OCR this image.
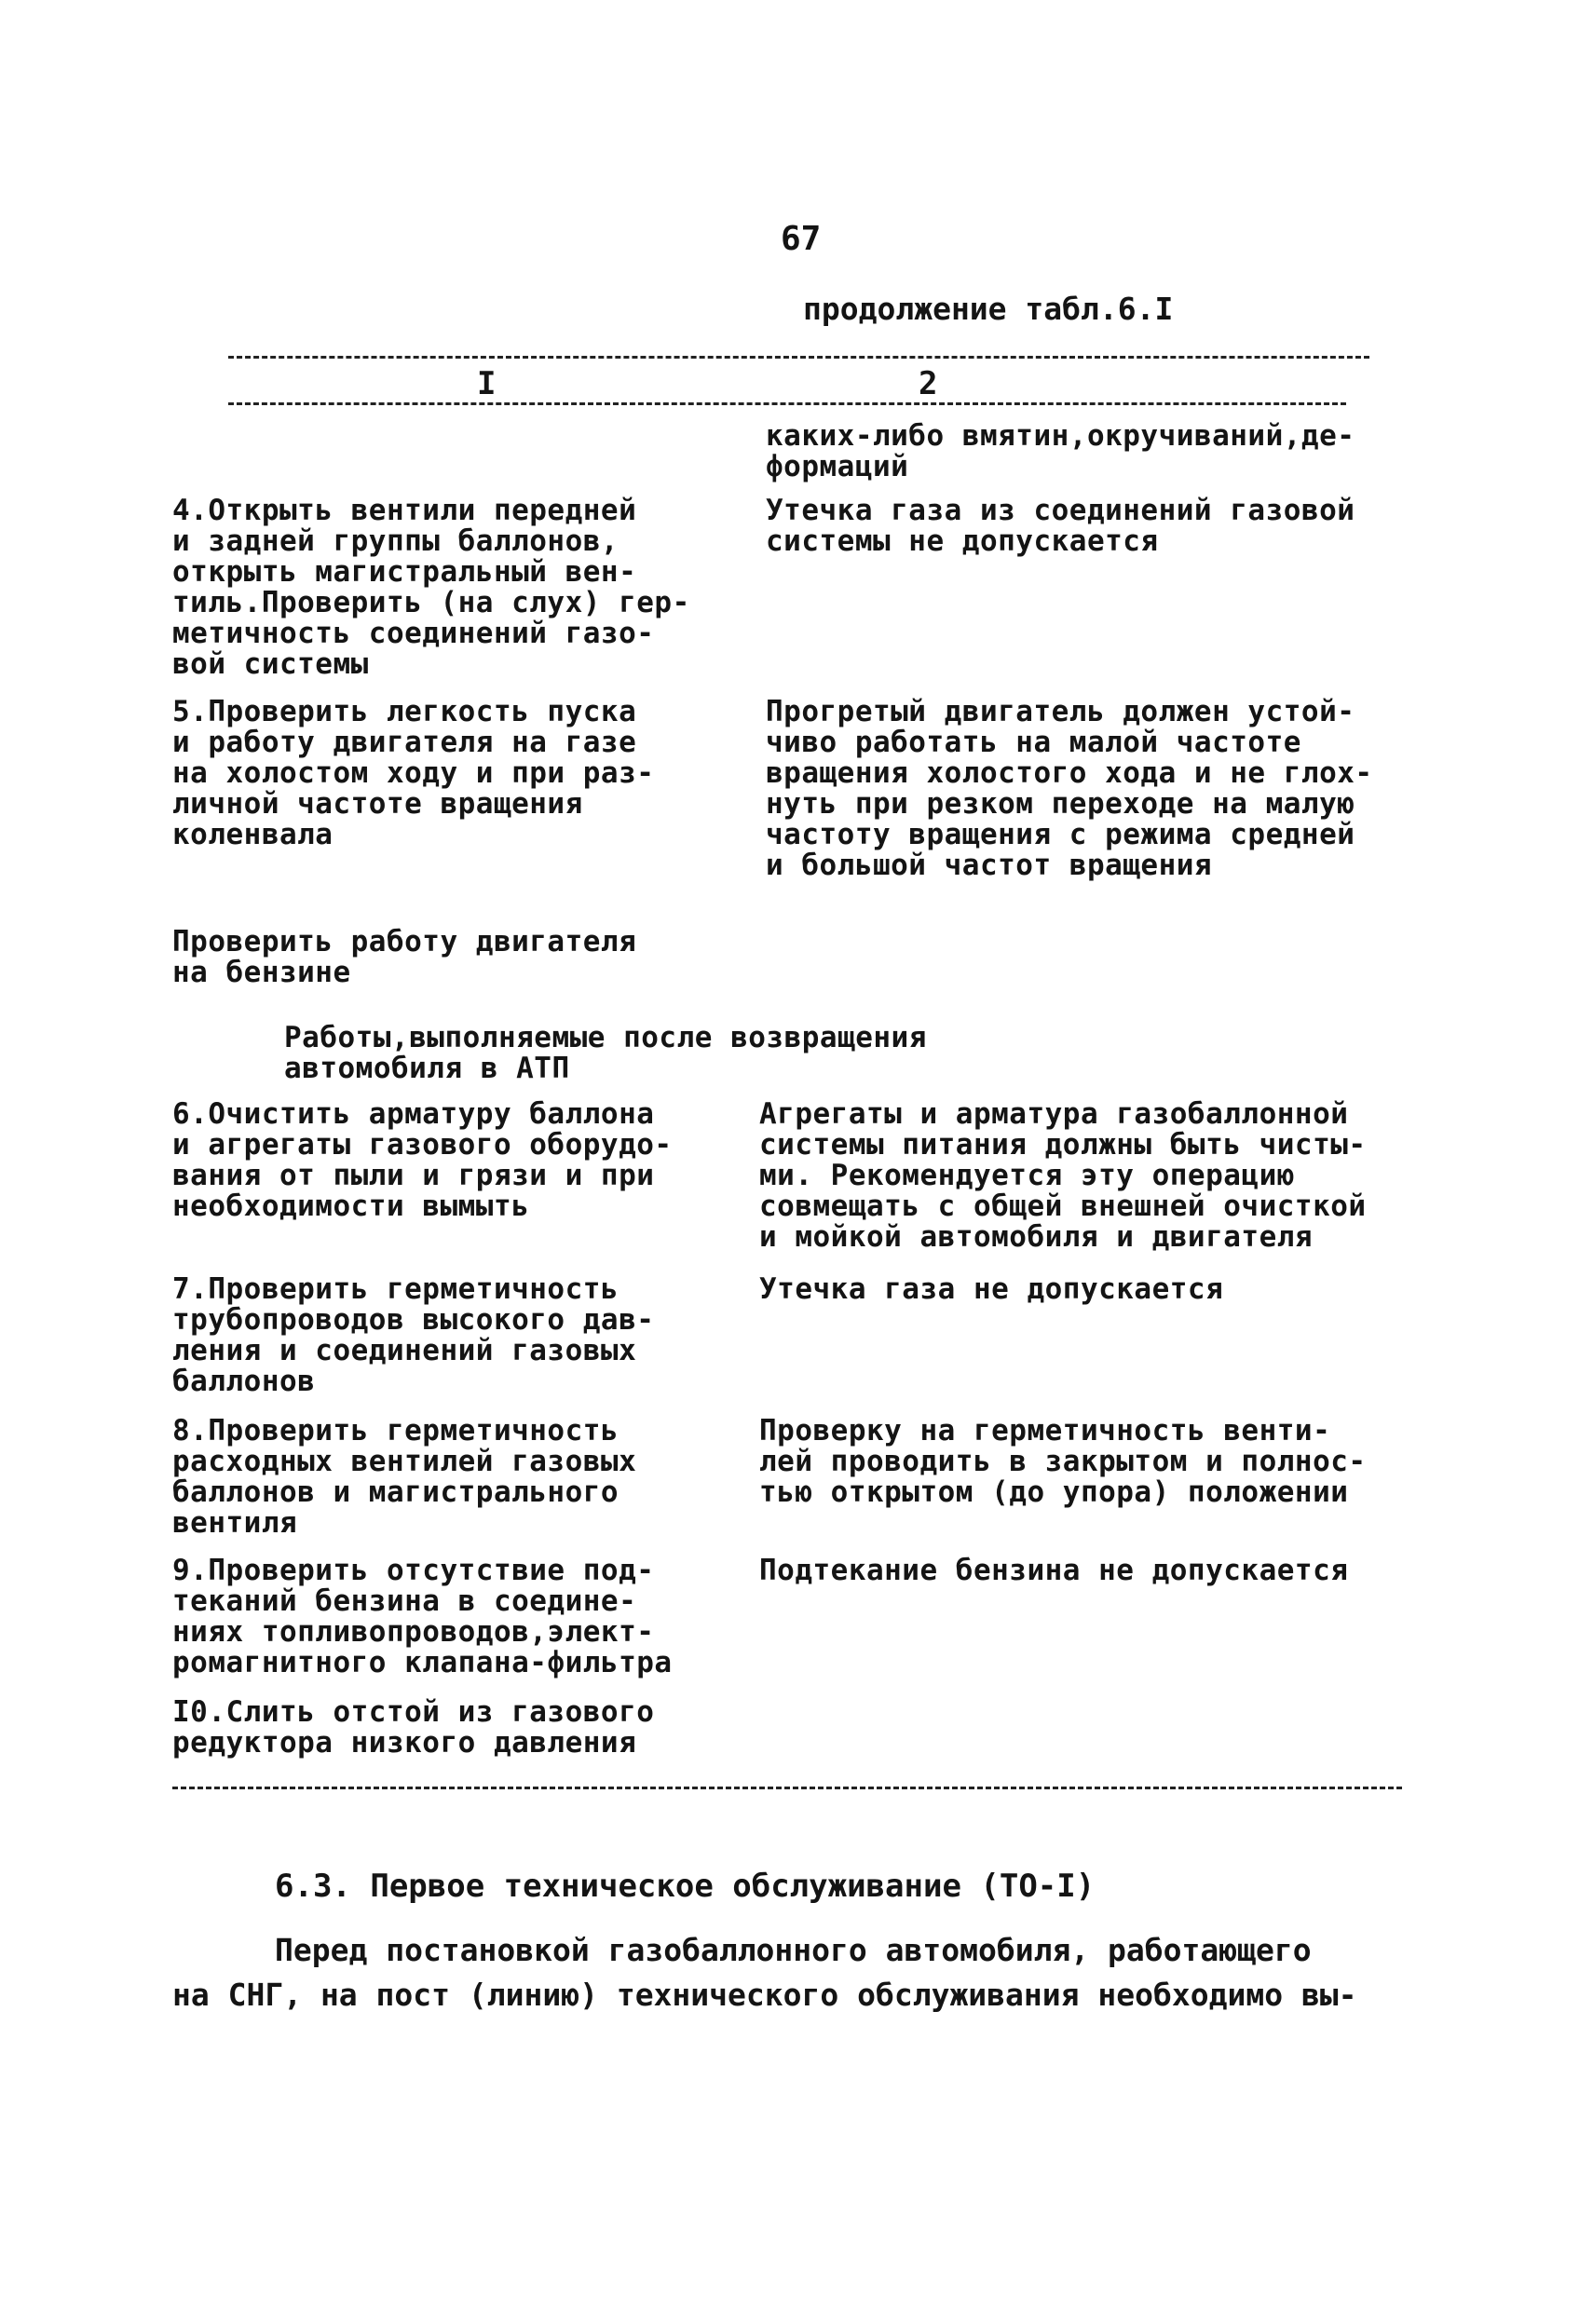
67
продолжение табл.6.I
I	2
каких-либо вмятин,окручиваний,де-
формаций
4.Открыть вентили передней
и задней группы баллонов,
открыть магистральный вен-
тиль.Проверить (на слух) гер-
метичность соединений газо-
вой системы
Утечка газа из соединений газовой
системы не допускается
5.Проверить легкость пуска
и работу двигателя на газе
на холостом ходу и при раз-
личной частоте вращения
коленвала
Прогретый двигатель должен устой-
чиво работать на малой частоте
вращения холостого хода и не глох-
нуть при резком переходе на малую
частоту вращения с режима средней
и большой частот вращения
Проверить работу двигателя
на бензине
Работы,выполняемые после возвращения
автомобиля в АТП
6.Очистить арматуру баллона
и агрегаты газового оборудо-
вания от пыли и грязи и при
необходимости вымыть
Агрегаты и арматура газобаллонной
системы питания должны быть чисты-
ми. Рекомендуется эту операцию
совмещать с общей внешней очисткой
и мойкой автомобиля и двигателя
7.Проверить герметичность
трубопроводов высокого дав-
ления и соединений газовых
баллонов
Утечка газа не допускается
8.Проверить герметичность
расходных вентилей газовых
баллонов и магистрального
вентиля
Проверку на герметичность венти-
лей проводить в закрытом и полнос-
тью открытом (до упора) положении
9.Проверить отсутствие под-
теканий бензина в соедине-
ниях топливопроводов,элект-
ромагнитного клапана-фильтра
Подтекание бензина не допускается
I0.Слить отстой из газового
редуктора низкого давления
6.3. Первое техническое обслуживание (ТО-I)
Перед постановкой газобаллонного автомобиля, работающего
на СНГ, на пост (линию) технического обслуживания необходимо вы-
